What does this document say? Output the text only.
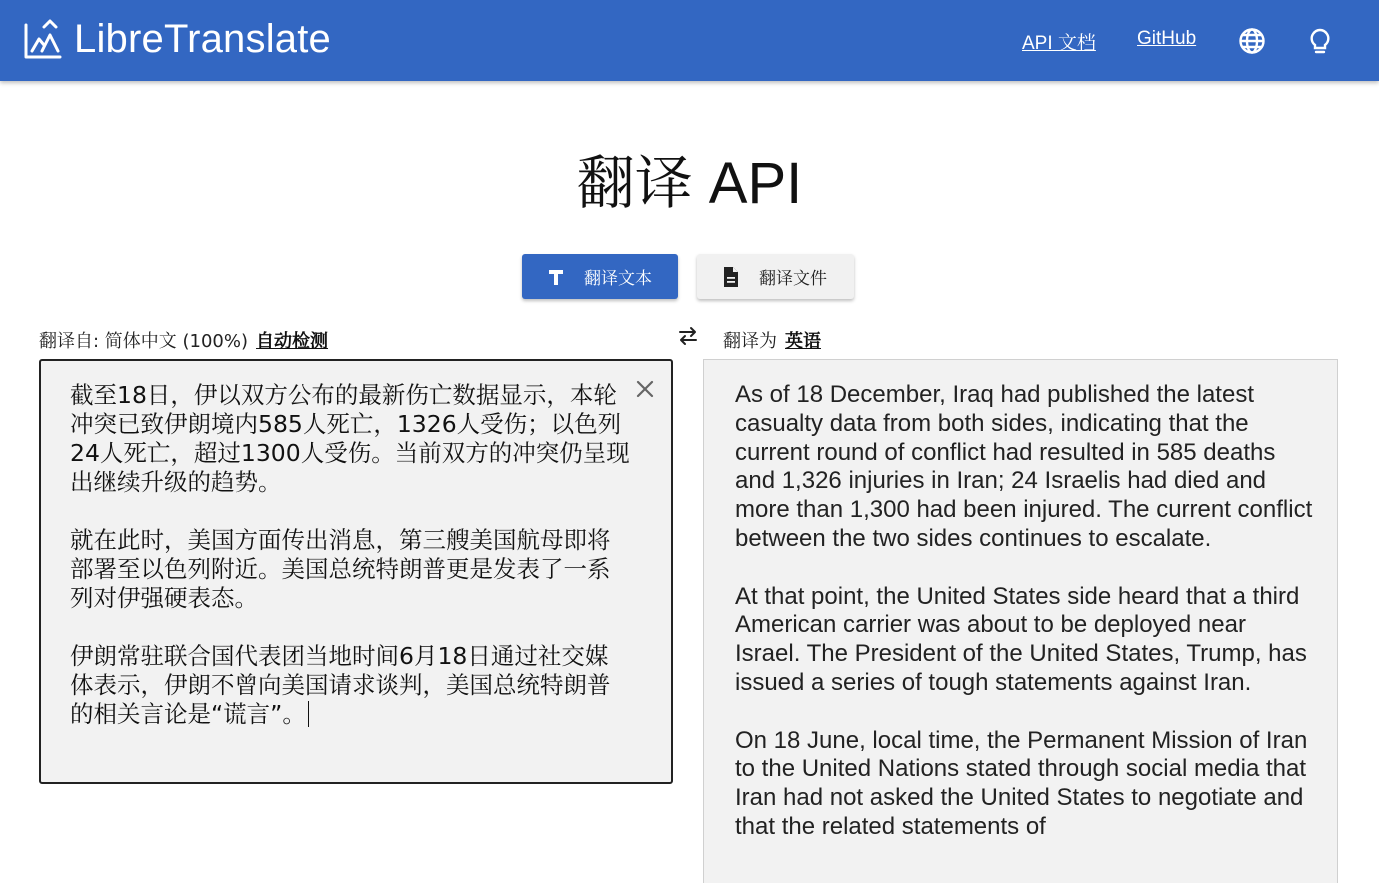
LibreTranslate	API 文档 GitHub
翻译 API
翻译文本	翻译文件
翻译自: 简体中文 (100%) 自动检测	翻译为 英语
截至18日，伊以双方公布的最新伤亡数据显示，本轮冲突已致伊朗境内585人死亡，1326人受伤；以色列24人死亡，超过1300人受伤。当前双方的冲突仍呈现出继续升级的趋势。

就在此时，美国方面传出消息，第三艘美国航母即将部署至以色列附近。美国总统特朗普更是发表了一系列对伊强硬表态。

伊朗常驻联合国代表团当地时间6月18日通过社交媒体表示，伊朗不曾向美国请求谈判，美国总统特朗普的相关言论是“谎言”。
As of 18 December, Iraq had published the latest casualty data from both sides, indicating that the current round of conflict had resulted in 585 deaths and 1,326 injuries in Iran; 24 Israelis had died and more than 1,300 had been injured. The current conflict between the two sides continues to escalate.

At that point, the United States side heard that a third American carrier was about to be deployed near Israel. The President of the United States, Trump, has issued a series of tough statements against Iran.

On 18 June, local time, the Permanent Mission of Iran to the United Nations stated through social media that Iran had not asked the United States to negotiate and that the related statements of
